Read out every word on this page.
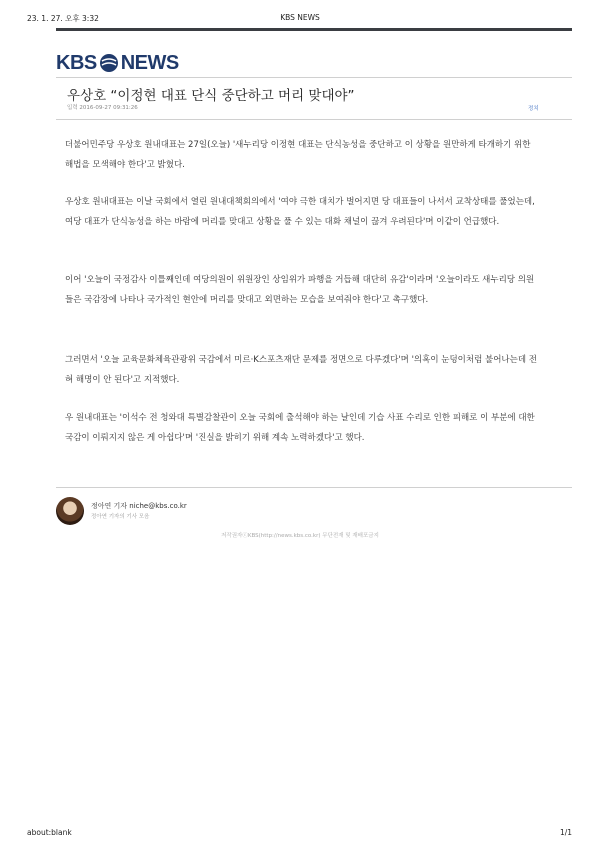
23. 1. 27. 오후 3:32	KBS NEWS
KBS NEWS
우상호 “이정현 대표 단식 중단하고 머리 맞대야”
입력 2016-09-27 09:31:26	정치

더불어민주당 우상호 원내대표는 27일(오늘) '새누리당 이정현 대표는 단식농성을 중단하고 이 상황을 원만하게 타개하기 위한 해법을 모색해야 한다'고 밝혔다.

우상호 원내대표는 이날 국회에서 열린 원내대책회의에서 '여야 극한 대치가 벌어지면 당 대표들이 나서서 교착상태를 풀었는데, 여당 대표가 단식농성을 하는 바람에 머리를 맞대고 상황을 풀 수 있는 대화 채널이 끊겨 우려된다'며 이같이 언급했다.

이어 '오늘이 국정감사 이틀째인데 여당의원이 위원장인 상임위가 파행을 거듭해 대단히 유감'이라며 '오늘이라도 새누리당 의원들은 국감장에 나타나 국가적인 현안에 머리를 맞대고 외면하는 모습을 보여줘야 한다'고 촉구했다.

그러면서 '오늘 교육문화체육관광위 국감에서 미르·K스포츠재단 문제를 정면으로 다루겠다'며 '의혹이 눈덩이처럼 불어나는데 전혀 해명이 안 된다'고 지적했다.

우 원내대표는 '이석수 전 청와대 특별감찰관이 오늘 국회에 출석해야 하는 날인데 기습 사표 수리로 인한 피해로 이 부분에 대한 국감이 이뤄지지 않은 게 아쉽다'며 '진실을 밝히기 위해 계속 노력하겠다'고 했다.

정아연 기자 niche@kbs.co.kr
정아연 기자의 기사 모음
저작권자ⓒKBS(http://news.kbs.co.kr) 무단전재 및 재배포금지
about:blank	1/1
